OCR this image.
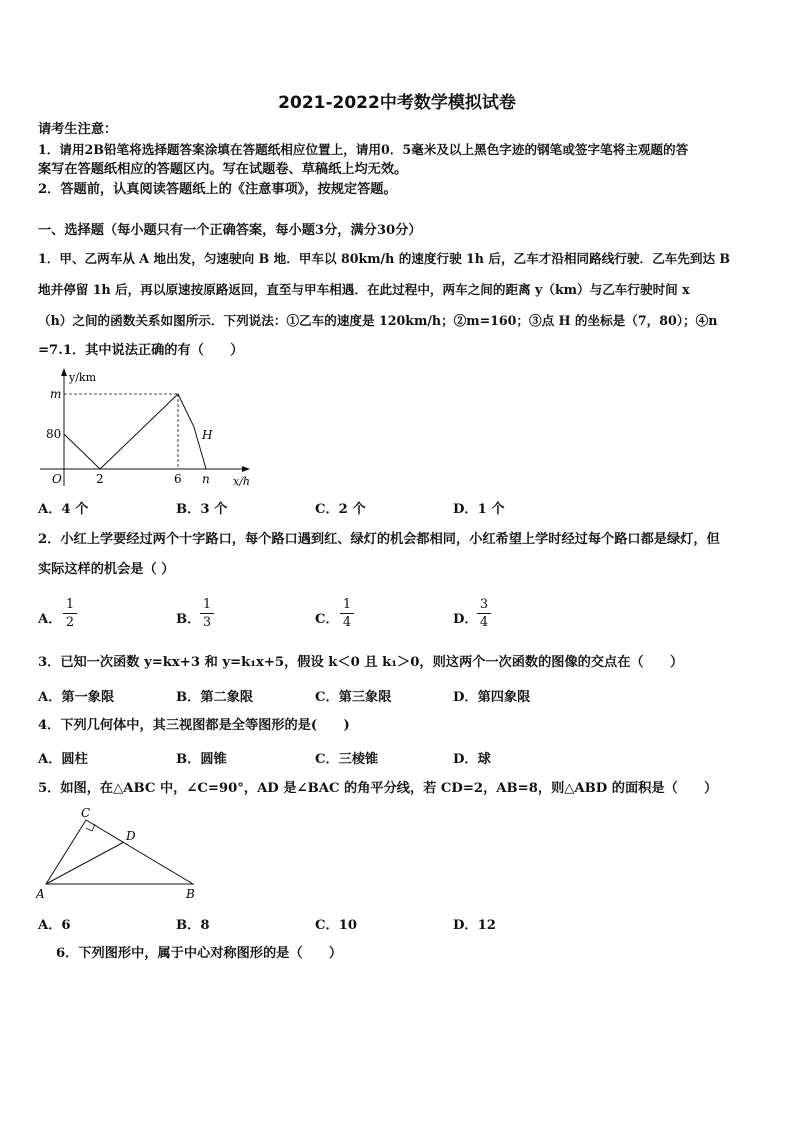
2021-2022中考数学模拟试卷
请考生注意：
1．请用2B铅笔将选择题答案涂填在答题纸相应位置上，请用0．5毫米及以上黑色字迹的钢笔或签字笔将主观题的答
案写在答题纸相应的答题区内。写在试题卷、草稿纸上均无效。
2．答题前，认真阅读答题纸上的《注意事项》，按规定答题。
一、选择题（每小题只有一个正确答案，每小题3分，满分30分）
1．甲、乙两车从 A 地出发，匀速驶向 B 地．甲车以 80km/h 的速度行驶 1h 后，乙车才沿相同路线行驶．乙车先到达 B
地并停留 1h 后，再以原速按原路返回，直至与甲车相遇．在此过程中，两车之间的距离 y（km）与乙车行驶时间 x
（h）之间的函数关系如图所示．下列说法：①乙车的速度是 120km/h；②m=160；③点 H 的坐标是（7，80）；④n
=7.1．其中说法正确的有（　　）
y/km
x/h
O
m
80
2	6 n
H
A．4 个	B．3 个	C．2 个	D．1 个
2．小红上学要经过两个十字路口，每个路口遇到红、绿灯的机会都相同，小红希望上学时经过每个路口都是绿灯，但
实际这样的机会是（ ）
A．
1
2	B．
1
3	C．
1
4	D．
3
4
3．已知一次函数 y=kx+3 和 y=k₁x+5，假设 k＜0 且 k₁＞0，则这两个一次函数的图像的交点在（　　）
A．第一象限	B．第二象限	C．第三象限	D．第四象限
4．下列几何体中，其三视图都是全等图形的是(　　)
A．圆柱	B．圆锥	C．三棱锥	D．球
5．如图，在△ABC 中，∠C=90°，AD 是∠BAC 的角平分线，若 CD=2，AB=8，则△ABD 的面积是（　　）
A	B
C
D
A．6	B．8	C．10	D．12
6．下列图形中，属于中心对称图形的是（　　）
